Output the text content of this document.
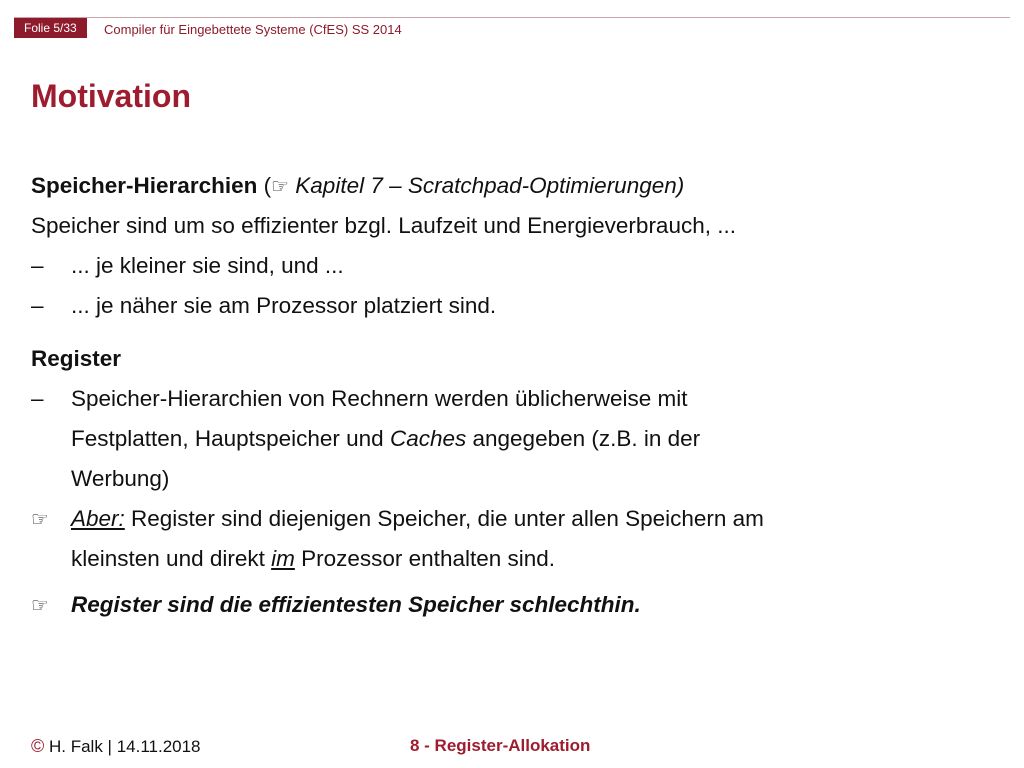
Folie 5/33	Compiler für Eingebettete Systeme (CfES) SS 2014
Motivation
Speicher-Hierarchien (☞ Kapitel 7 – Scratchpad-Optimierungen)
Speicher sind um so effizienter bzgl. Laufzeit und Energieverbrauch, ...
– ... je kleiner sie sind, und ...
– ... je näher sie am Prozessor platziert sind.
Register
– Speicher-Hierarchien von Rechnern werden üblicherweise mit
Festplatten, Hauptspeicher und Caches angegeben (z.B. in der
Werbung)
☞ Aber: Register sind diejenigen Speicher, die unter allen Speichern am
kleinsten und direkt im Prozessor enthalten sind.
☞ Register sind die effizientesten Speicher schlechthin.
© H. Falk | 14.11.2018	8 - Register-Allokation
